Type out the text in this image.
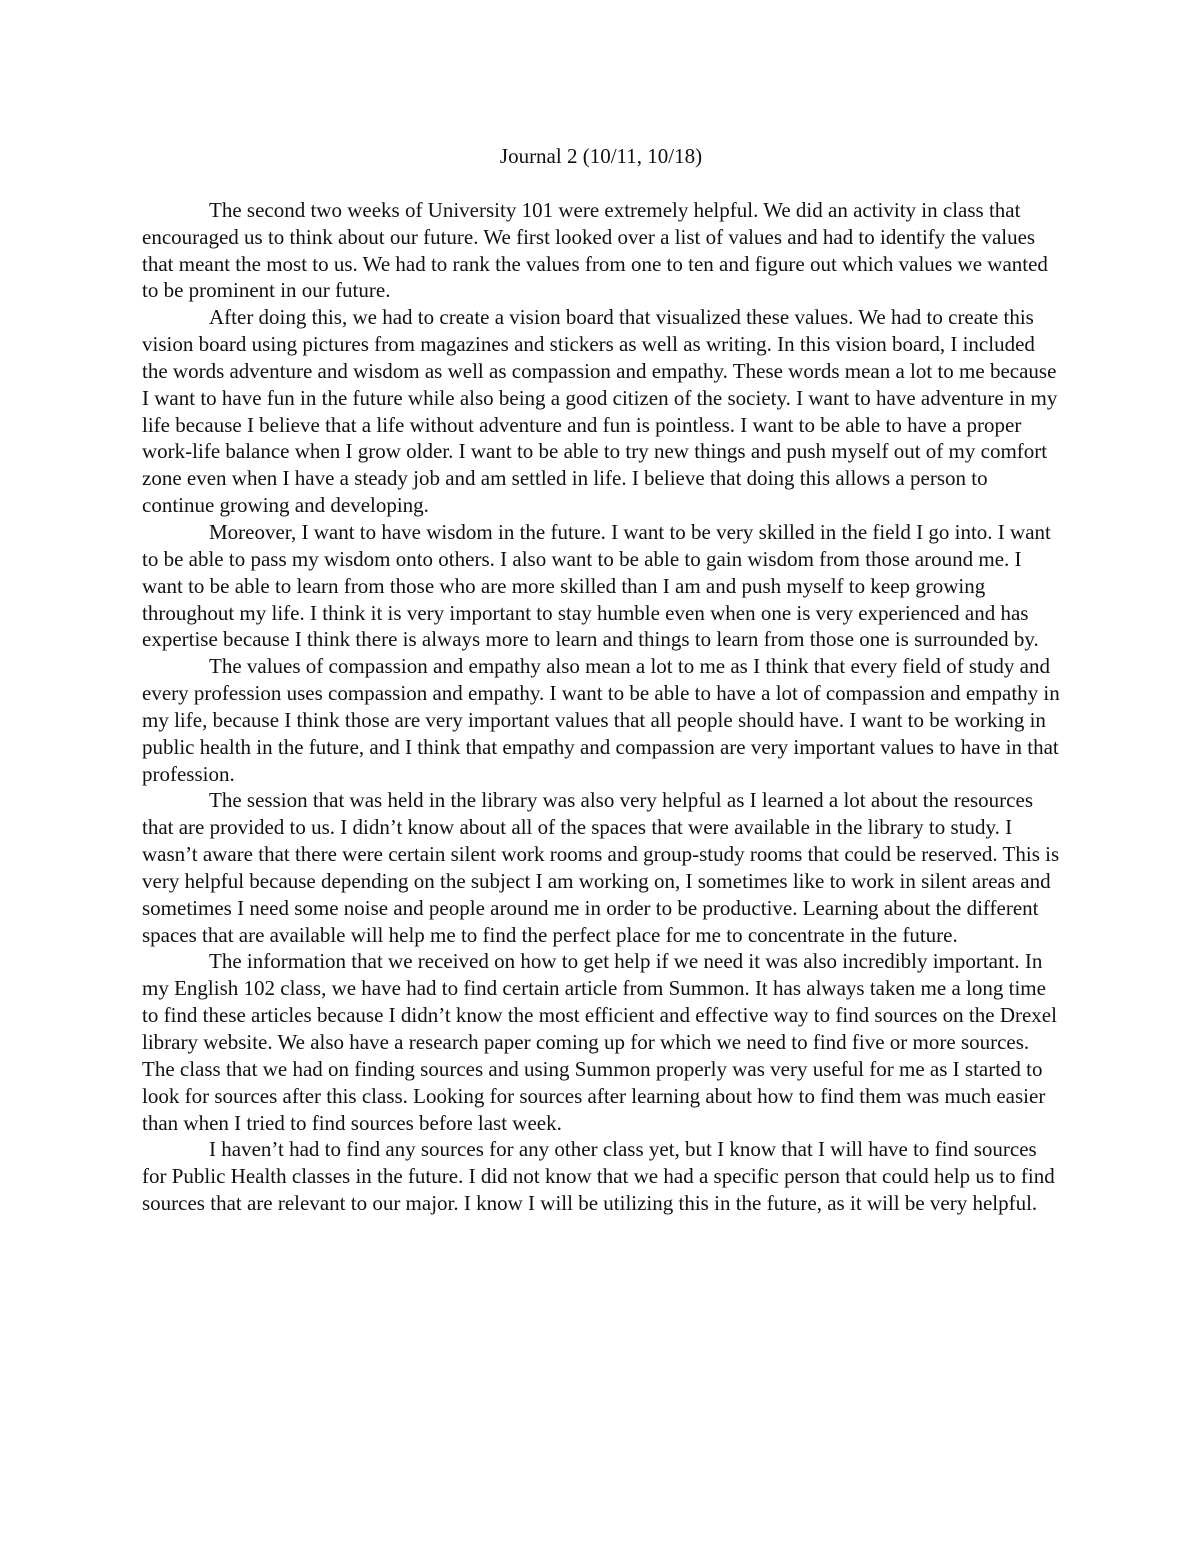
Journal 2 (10/11, 10/18)

The second two weeks of University 101 were extremely helpful. We did an activity in class that encouraged us to think about our future. We first looked over a list of values and had to identify the values that meant the most to us. We had to rank the values from one to ten and figure out which values we wanted to be prominent in our future.

After doing this, we had to create a vision board that visualized these values. We had to create this vision board using pictures from magazines and stickers as well as writing. In this vision board, I included the words adventure and wisdom as well as compassion and empathy. These words mean a lot to me because I want to have fun in the future while also being a good citizen of the society. I want to have adventure in my life because I believe that a life without adventure and fun is pointless. I want to be able to have a proper work-life balance when I grow older. I want to be able to try new things and push myself out of my comfort zone even when I have a steady job and am settled in life. I believe that doing this allows a person to continue growing and developing.

Moreover, I want to have wisdom in the future. I want to be very skilled in the field I go into. I want to be able to pass my wisdom onto others. I also want to be able to gain wisdom from those around me. I want to be able to learn from those who are more skilled than I am and push myself to keep growing throughout my life. I think it is very important to stay humble even when one is very experienced and has expertise because I think there is always more to learn and things to learn from those one is surrounded by.

The values of compassion and empathy also mean a lot to me as I think that every field of study and every profession uses compassion and empathy. I want to be able to have a lot of compassion and empathy in my life, because I think those are very important values that all people should have. I want to be working in public health in the future, and I think that empathy and compassion are very important values to have in that profession.

The session that was held in the library was also very helpful as I learned a lot about the resources that are provided to us. I didn’t know about all of the spaces that were available in the library to study. I wasn’t aware that there were certain silent work rooms and group-study rooms that could be reserved. This is very helpful because depending on the subject I am working on, I sometimes like to work in silent areas and sometimes I need some noise and people around me in order to be productive. Learning about the different spaces that are available will help me to find the perfect place for me to concentrate in the future.

The information that we received on how to get help if we need it was also incredibly important. In my English 102 class, we have had to find certain article from Summon. It has always taken me a long time to find these articles because I didn’t know the most efficient and effective way to find sources on the Drexel library website. We also have a research paper coming up for which we need to find five or more sources. The class that we had on finding sources and using Summon properly was very useful for me as I started to look for sources after this class. Looking for sources after learning about how to find them was much easier than when I tried to find sources before last week.

I haven’t had to find any sources for any other class yet, but I know that I will have to find sources for Public Health classes in the future. I did not know that we had a specific person that could help us to find sources that are relevant to our major. I know I will be utilizing this in the future, as it will be very helpful.
